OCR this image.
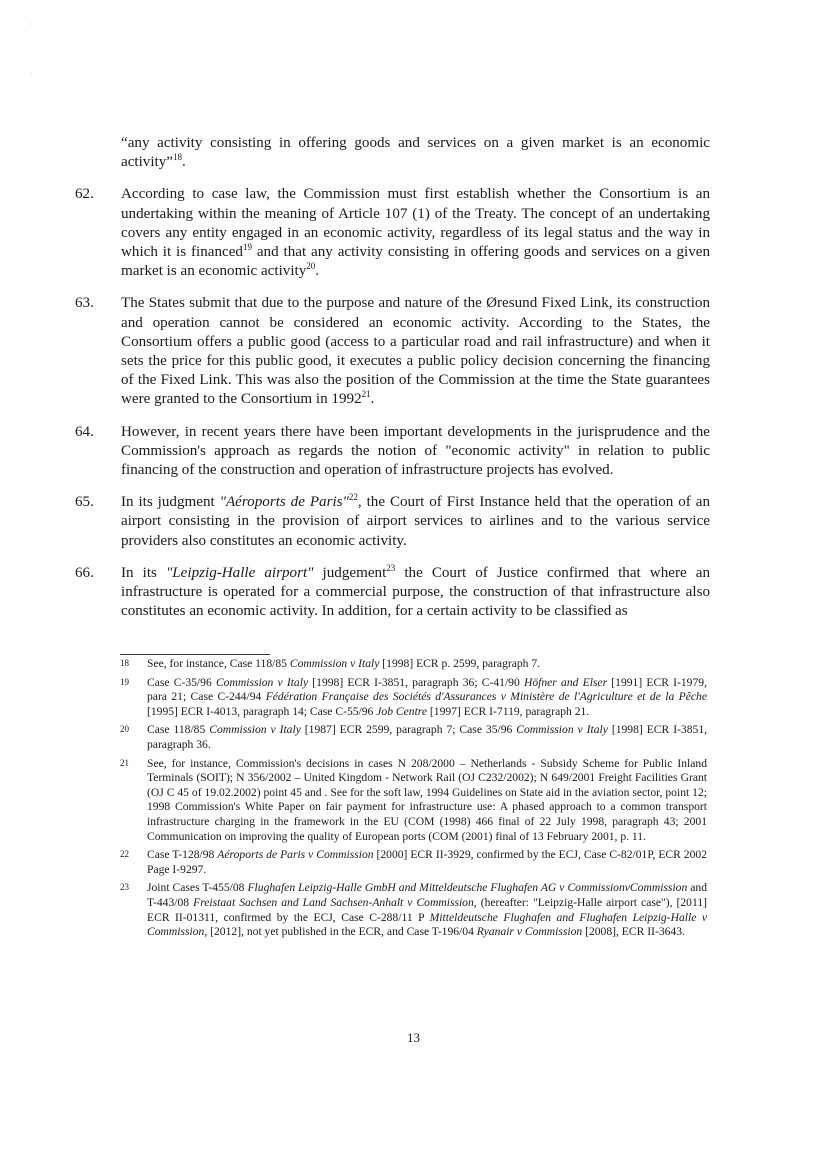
·
·
“any activity consisting in offering goods and services on a given market is an economic activity”$^{18}$.
62.	According to case law, the Commission must first establish whether the Consortium is an undertaking within the meaning of Article 107 (1) of the Treaty. The concept of an undertaking covers any entity engaged in an economic activity, regardless of its legal status and the way in which it is financed$^{19}$ and that any activity consisting in offering goods and services on a given market is an economic activity$^{20}$.
63.	The States submit that due to the purpose and nature of the Øresund Fixed Link, its construction and operation cannot be considered an economic activity. According to the States, the Consortium offers a public good (access to a particular road and rail infrastructure) and when it sets the price for this public good, it executes a public policy decision concerning the financing of the Fixed Link. This was also the position of the Commission at the time the State guarantees were granted to the Consortium in 1992$^{21}$.
64.	However, in recent years there have been important developments in the jurisprudence and the Commission's approach as regards the notion of "economic activity" in relation to public financing of the construction and operation of infrastructure projects has evolved.
65.	In its judgment "Aéroports de Paris"$^{22}$, the Court of First Instance held that the operation of an airport consisting in the provision of airport services to airlines and to the various service providers also constitutes an economic activity.
66.	In its "Leipzig-Halle airport" judgement$^{23}$ the Court of Justice confirmed that where an infrastructure is operated for a commercial purpose, the construction of that infrastructure also constitutes an economic activity. In addition, for a certain activity to be classified as
18	See, for instance, Case 118/85 Commission v Italy [1998] ECR p. 2599, paragraph 7.
19	Case C-35/96 Commission v Italy [1998] ECR I-3851, paragraph 36; C-41/90 Höfner and Elser [1991] ECR I-1979, para 21; Case C-244/94 Fédération Française des Sociétés d'Assurances v Ministère de l'Agriculture et de la Pêche [1995] ECR I-4013, paragraph 14; Case C-55/96 Job Centre [1997] ECR I-7119, paragraph 21.
20	Case 118/85 Commission v Italy [1987] ECR 2599, paragraph 7; Case 35/96 Commission v Italy [1998] ECR I-3851, paragraph 36.
21	See, for instance, Commission's decisions in cases N 208/2000 – Netherlands - Subsidy Scheme for Public Inland Terminals (SOIT); N 356/2002 – United Kingdom - Network Rail (OJ C232/2002); N 649/2001 Freight Facilities Grant (OJ C 45 of 19.02.2002) point 45 and . See for the soft law, 1994 Guidelines on State aid in the aviation sector, point 12; 1998 Commission's White Paper on fair payment for infrastructure use: A phased approach to a common transport infrastructure charging in the framework in the EU (COM (1998) 466 final of 22 July 1998, paragraph 43; 2001 Communication on improving the quality of European ports (COM (2001) final of 13 February 2001, p. 11.
22	Case T-128/98 Aéroports de Paris v Commission [2000] ECR II-3929, confirmed by the ECJ, Case C-82/01P, ECR 2002 Page I-9297.
23	Joint Cases T-455/08 Flughafen Leipzig-Halle GmbH and Mitteldeutsche Flughafen AG v CommissionvCommission and T-443/08 Freistaat Sachsen and Land Sachsen-Anhalt v Commission, (hereafter: "Leipzig-Halle airport case"), [2011] ECR II-01311, confirmed by the ECJ, Case C-288/11 P Mitteldeutsche Flughafen and Flughafen Leipzig-Halle v Commission, [2012], not yet published in the ECR, and Case T-196/04 Ryanair v Commission [2008], ECR II-3643.
13
